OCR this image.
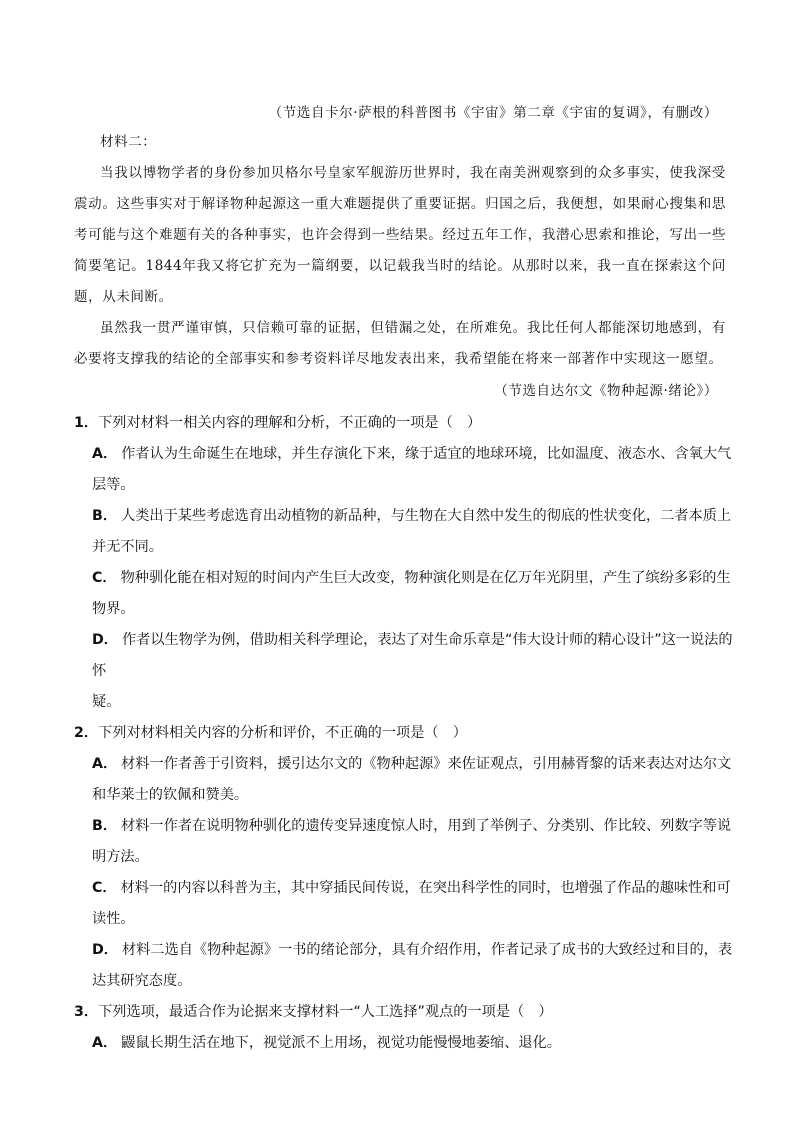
（节选自卡尔·萨根的科普图书《宇宙》第二章《宇宙的复调》，有删改）
材料二：

当我以博物学者的身份参加贝格尔号皇家军舰游历世界时，我在南美洲观察到的众多事实，使我深受震动。这些事实对于解译物种起源这一重大难题提供了重要证据。归国之后，我便想，如果耐心搜集和思考可能与这个难题有关的各种事实，也许会得到一些结果。经过五年工作，我潜心思索和推论，写出一些简要笔记。1844年我又将它扩充为一篇纲要，以记载我当时的结论。从那时以来，我一直在探索这个问题，从未间断。

虽然我一贯严谨审慎，只信赖可靠的证据，但错漏之处，在所难免。我比任何人都能深切地感到，有必要将支撑我的结论的全部事实和参考资料详尽地发表出来，我希望能在将来一部著作中实现这一愿望。

（节选自达尔文《物种起源·绪论》）
1．下列对材料一相关内容的理解和分析，不正确的一项是（　）
A． 作者认为生命诞生在地球，并生存演化下来，缘于适宜的地球环境，比如温度、液态水、含氧大气
层等。
B． 人类出于某些考虑选育出动植物的新品种，与生物在大自然中发生的彻底的性状变化，二者本质上
并无不同。
C． 物种驯化能在相对短的时间内产生巨大改变，物种演化则是在亿万年光阴里，产生了缤纷多彩的生
物界。
D． 作者以生物学为例，借助相关科学理论，表达了对生命乐章是“伟大设计师的精心设计”这一说法的怀
疑。
2．下列对材料相关内容的分析和评价，不正确的一项是（　）
A． 材料一作者善于引资料，援引达尔文的《物种起源》来佐证观点，引用赫胥黎的话来表达对达尔文
和华莱士的钦佩和赞美。
B． 材料一作者在说明物种驯化的遗传变异速度惊人时，用到了举例子、分类别、作比较、列数字等说
明方法。
C． 材料一的内容以科普为主，其中穿插民间传说，在突出科学性的同时，也增强了作品的趣味性和可
读性。
D． 材料二选自《物种起源》一书的绪论部分，具有介绍作用，作者记录了成书的大致经过和目的，表
达其研究态度。
3．下列选项，最适合作为论据来支撑材料一“人工选择”观点的一项是（　）
A． 鼹鼠长期生活在地下，视觉派不上用场，视觉功能慢慢地萎缩、退化。
